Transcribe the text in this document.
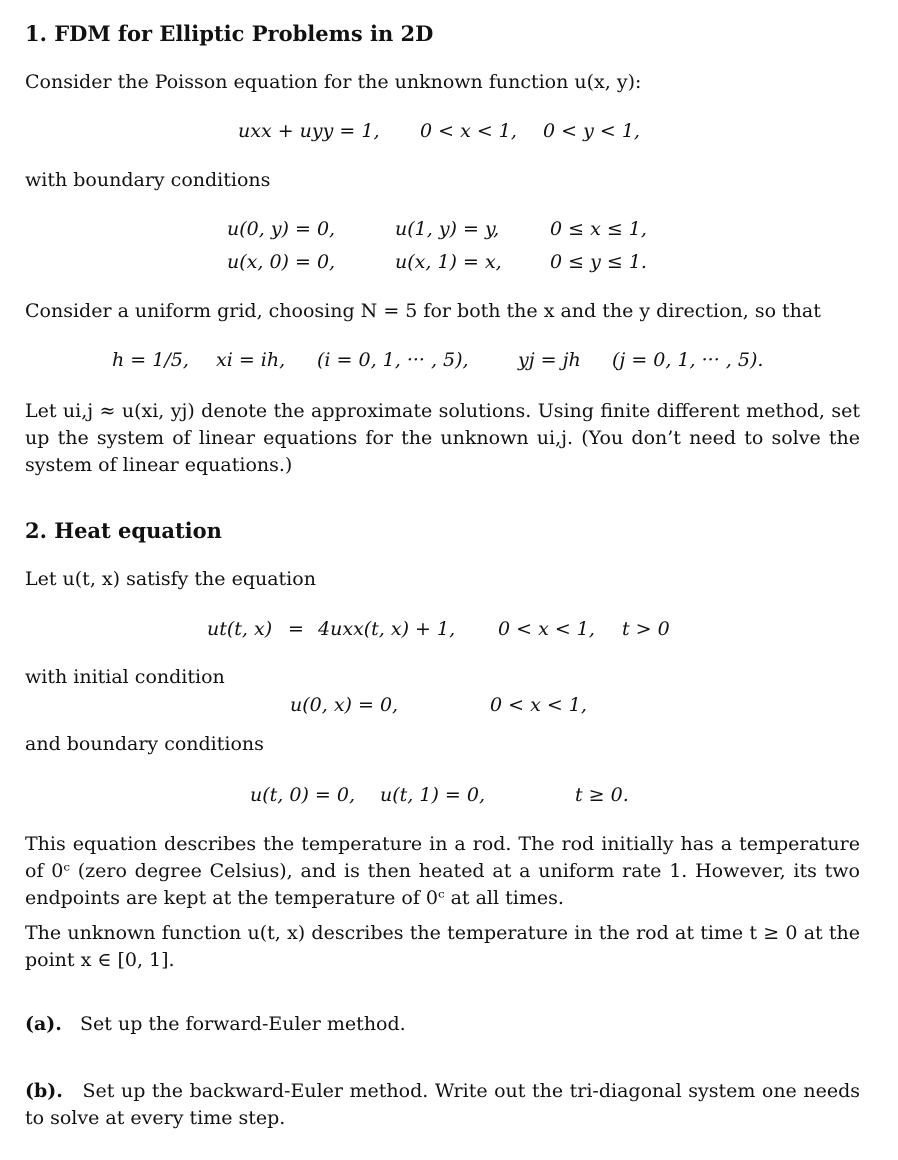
1. FDM for Elliptic Problems in 2D
Consider the Poisson equation for the unknown function u(x, y):
uxx + uyy = 1, 0 < x < 1, 0 < y < 1,
with boundary conditions
u(0, y) = 0,	u(1, y) = y,	0 ≤ x ≤ 1,
u(x, 0) = 0,	u(x, 1) = x,	0 ≤ y ≤ 1.
Consider a uniform grid, choosing N = 5 for both the x and the y direction, so that
h = 1/5, xi = ih, (i = 0, 1, ··· , 5),	yj = jh (j = 0, 1, ··· , 5).
Let ui,j ≈ u(xi, yj) denote the approximate solutions. Using finite different method, set up the system of linear equations for the unknown ui,j. (You don’t need to solve the system of linear equations.)
2. Heat equation
Let u(t, x) satisfy the equation
ut(t, x) = 4uxx(t, x) + 1, 0 < x < 1, t > 0
with initial condition
u(0, x) = 0,	0 < x < 1,
and boundary conditions
u(t, 0) = 0, u(t, 1) = 0,	t ≥ 0.
This equation describes the temperature in a rod. The rod initially has a temperature of 0ᶜ (zero degree Celsius), and is then heated at a uniform rate 1. However, its two endpoints are kept at the temperature of 0ᶜ at all times.
The unknown function u(t, x) describes the temperature in the rod at time t ≥ 0 at the point x ∈ [0, 1].
(a). Set up the forward-Euler method.
(b). Set up the backward-Euler method. Write out the tri-diagonal system one needs to solve at every time step.
